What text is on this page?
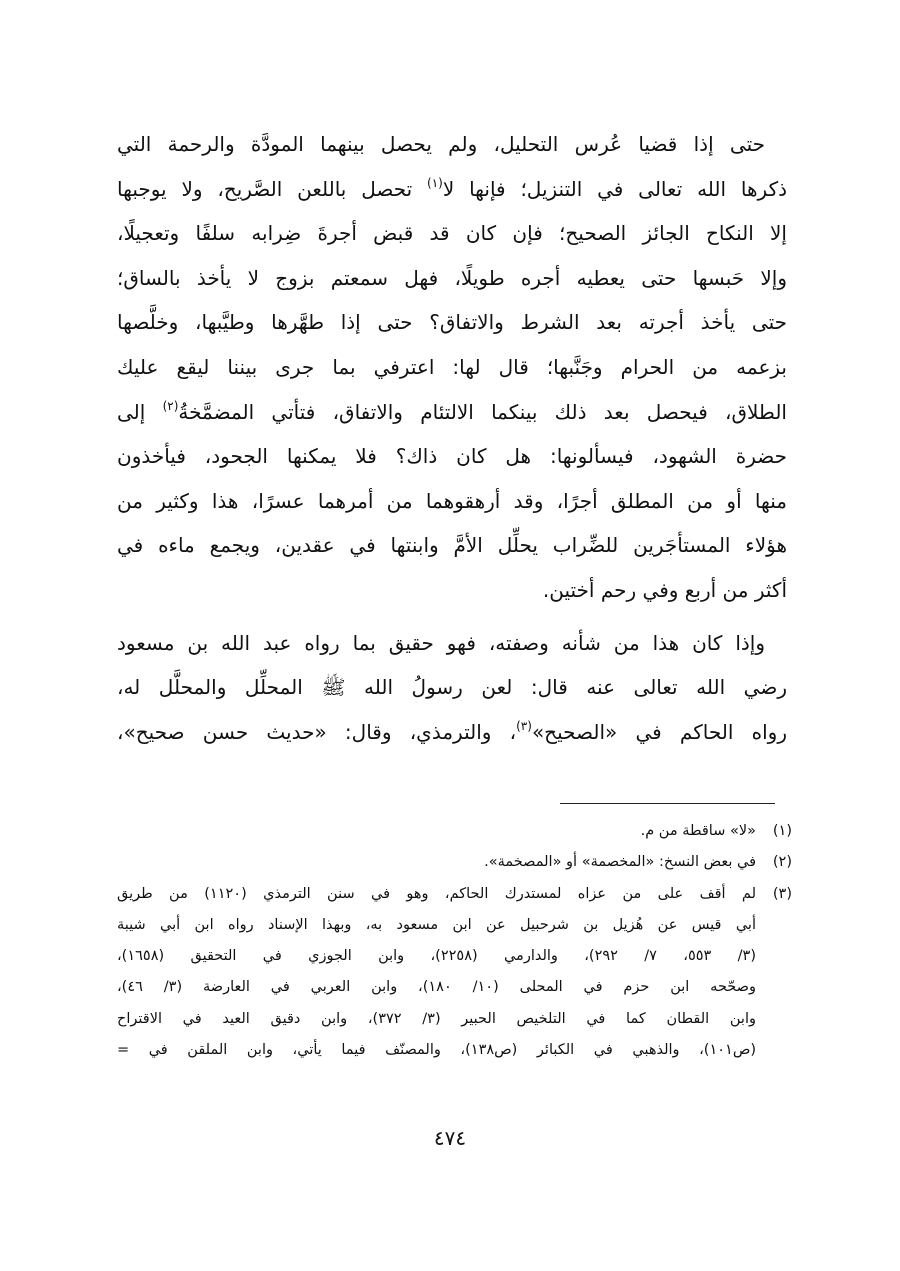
حتى إذا قضيا عُرس التحليل، ولم يحصل بينهما المودَّة والرحمة التي
ذكرها الله تعالى في التنزيل؛ فإنها لا$^{(١)}$ تحصل باللعن الصَّريح، ولا يوجبها
إلا النكاح الجائز الصحيح؛ فإن كان قد قبض أجرةَ ضِرابه سلفًا وتعجيلًا،
وإلا حَبسها حتى يعطيه أجره طويلًا، فهل سمعتم بزوج لا يأخذ بالساق؛
حتى يأخذ أجرته بعد الشرط والاتفاق؟ حتى إذا طهَّرها وطيَّبها، وخلَّصها
بزعمه من الحرام وجَنَّبها؛ قال لها: اعترفي بما جرى بيننا ليقع عليك
الطلاق، فيحصل بعد ذلك بينكما الالتئام والاتفاق، فتأتي المضمَّخةُ$^{(٢)}$ إلى
حضرة الشهود، فيسألونها: هل كان ذاك؟ فلا يمكنها الجحود، فيأخذون
منها أو من المطلق أجرًا، وقد أرهقوهما من أمرهما عسرًا، هذا وكثير من
هؤلاء المستأجَرين للضِّراب يحلِّل الأمَّ وابنتها في عقدين، ويجمع ماءه في
أكثر من أربع وفي رحم أختين.
وإذا كان هذا من شأنه وصفته، فهو حقيق بما رواه عبد الله بن مسعود
رضي الله تعالى عنه قال: لعن رسولُ الله ﷺ المحلِّل والمحلَّل له،
رواه الحاكم في «الصحيح»$^{(٣)}$، والترمذي، وقال: «حديث حسن صحيح»،
(١)
«لا» ساقطة من م.
(٢)
في بعض النسخ: «المخصمة» أو «المصخمة».
(٣)
لم أقف على من عزاه لمستدرك الحاكم، وهو في سنن الترمذي (١١٢٠) من طريق
أبي قيس عن هُزيل بن شرحبيل عن ابن مسعود به، وبهذا الإسناد رواه ابن أبي شيبة
(٣/ ٥٥٣، ٧/ ٢٩٢)، والدارمي (٢٢٥٨)، وابن الجوزي في التحقيق (١٦٥٨)،
وصحّحه ابن حزم في المحلى (١٠/ ١٨٠)، وابن العربي في العارضة (٣/ ٤٦)،
وابن القطان كما في التلخيص الحبير (٣/ ٣٧٢)، وابن دقيق العيد في الاقتراح
(ص١٠١)، والذهبي في الكبائر (ص١٣٨)، والمصنّف فيما يأتي، وابن الملقن في =
٤٧٤
